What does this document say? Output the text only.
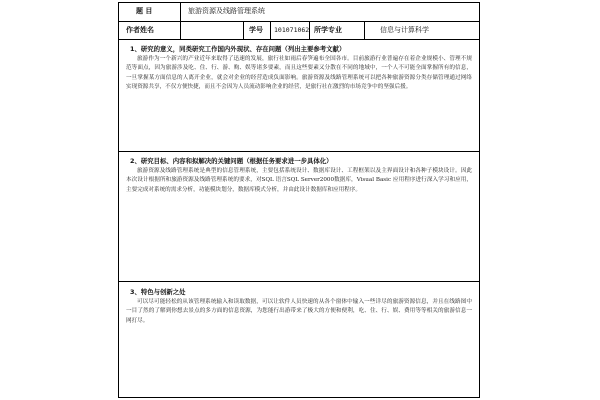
题 目	旅游资源及线路管理系统
作者姓名	学号 101071062 所学专业	信息与计算科学
1、研究的意义，同类研究工作国内外现状、存在问题（列出主要参考文献）
旅游作为一个新兴的产业近年来取得了迅速的发展，旅行社如雨后春笋遍布全国各市。目前旅游行业普遍存在着企业规模小、管理不规范等面点，因为旅游涉及吃、住、行、游、购、娱等诸多要素，而且这些要素又分散在不同的地域中，一个人不可能全面掌握所有的信息，一旦掌握某方面信息的人离开企业，就会对企业的经营造成负面影响。旅游资源及线路管理系统可以把各种旅游资源分类存储管理通过网络实现资源共享，不仅方便快捷，而且不会因为人员流动影响企业的经营，是旅行社在激烈的市场竞争中的坚强后援。
2、研究目标、内容和拟解决的关键问题（根据任务要求进一步具体化）
旅游资源及线路管理系统是典型的信息管理系统，主要包括系统设计、数据库设计、工程框架以及主界面设计和各种子模块设计。因此本次设计根据所和旅游资源及线路管理系统的要求，对SQL 语言SQL Server2000数据库，Visual Basic 应用程序进行深入学习和应用，主要完成对系统的需求分析，功能模块划分，数据库模式分析，并由此设计数据库和应用程序。
3、特色与创新之处
可以尽可能轻松的从该管理系统输入和读取数据，可以让软件人员快速的从各个窗体中输入一些详尽的旅游资源信息，并且在线路图中一目了然的了解到你想去景点的多方面的信息资源，为您能行出游带来了极大的方便和便利，吃、住、行、娱、费用等等相关的旅游信息一网打尽。
